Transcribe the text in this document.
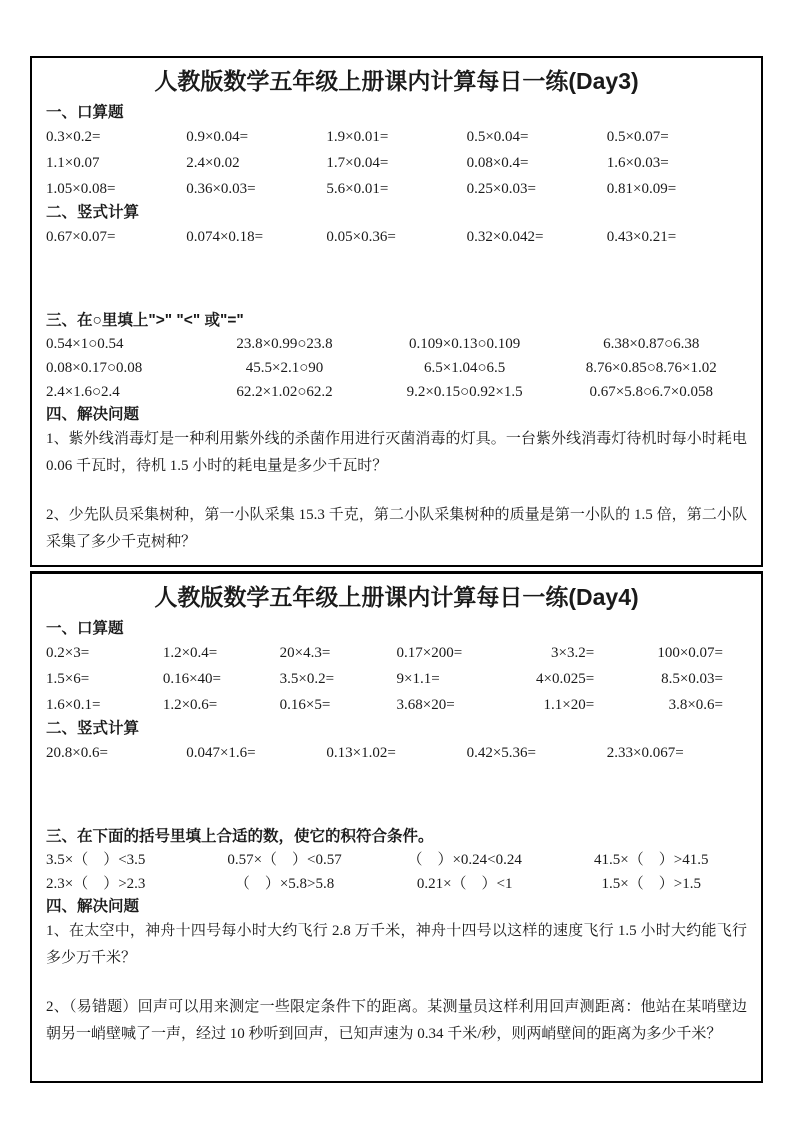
人教版数学五年级上册课内计算每日一练(Day3)
一、口算题
0.3×0.2=	0.9×0.04=	1.9×0.01=	0.5×0.04=	0.5×0.07=
1.1×0.07	2.4×0.02	1.7×0.04=	0.08×0.4=	1.6×0.03=
1.05×0.08=	0.36×0.03=	5.6×0.01=	0.25×0.03=	0.81×0.09=
二、竖式计算
0.67×0.07=	0.074×0.18=	0.05×0.36=	0.32×0.042=	0.43×0.21=
三、在○里填上">" "<" 或"="
0.54×1○0.54	23.8×0.99○23.8	0.109×0.13○0.109	6.38×0.87○6.38
0.08×0.17○0.08	45.5×2.1○90	6.5×1.04○6.5	8.76×0.85○8.76×1.02
2.4×1.6○2.4	62.2×1.02○62.2	9.2×0.15○0.92×1.5	0.67×5.8○6.7×0.058
四、解决问题

1、紫外线消毒灯是一种利用紫外线的杀菌作用进行灭菌消毒的灯具。一台紫外线消毒灯待机时每小时耗电 0.06 千瓦时，待机 1.5 小时的耗电量是多少千瓦时？

2、少先队员采集树种，第一小队采集 15.3 千克，第二小队采集树种的质量是第一小队的 1.5 倍，第二小队采集了多少千克树种？

人教版数学五年级上册课内计算每日一练(Day4)
一、口算题
0.2×3=	1.2×0.4=	20×4.3=	0.17×200=	3×3.2=	100×0.07=
1.5×6=	0.16×40=	3.5×0.2=	9×1.1=	4×0.025=	8.5×0.03=
1.6×0.1=	1.2×0.6=	0.16×5=	3.68×20=	1.1×20=	3.8×0.6=
二、竖式计算
20.8×0.6=	0.047×1.6=	0.13×1.02=	0.42×5.36=	2.33×0.067=
三、在下面的括号里填上合适的数，使它的积符合条件。
3.5×（　）<3.5	0.57×（　）<0.57	（　）×0.24<0.24	41.5×（　）>41.5
2.3×（　）>2.3	（　）×5.8>5.8	0.21×（　）<1	1.5×（　）>1.5
四、解决问题

1、在太空中，神舟十四号每小时大约飞行 2.8 万千米，神舟十四号以这样的速度飞行 1.5 小时大约能飞行多少万千米？

2、（易错题）回声可以用来测定一些限定条件下的距离。某测量员这样利用回声测距离：他站在某哨壁边朝另一峭壁喊了一声，经过 10 秒听到回声，已知声速为 0.34 千米/秒，则两峭壁间的距离为多少千米？
